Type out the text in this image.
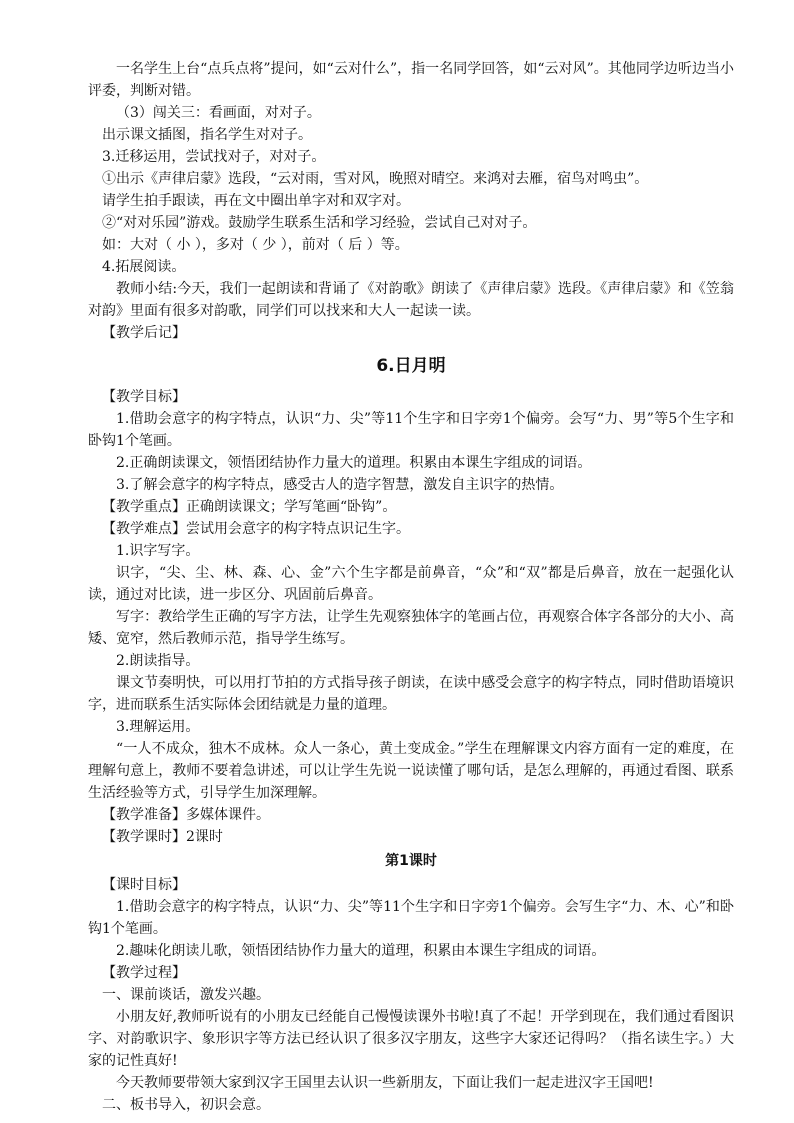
一名学生上台“点兵点将”提问，如“云对什么”，指一名同学回答，如“云对风”。其他同学边听边当小评委，判断对错。

（3）闯关三：看画面，对对子。

出示课文插图，指名学生对对子。

3.迁移运用，尝试找对子，对对子。

①出示《声律启蒙》选段，“云对雨，雪对风，晚照对晴空。来鸿对去雁，宿鸟对鸣虫”。

请学生拍手跟读，再在文中圈出单字对和双字对。

②“对对乐园”游戏。鼓励学生联系生活和学习经验，尝试自己对对子。

如：大对（ 小 ），多对（ 少 ），前对（ 后 ）等。

4.拓展阅读。

教师小结:今天，我们一起朗读和背诵了《对韵歌》朗读了《声律启蒙》选段。《声律启蒙》和《笠翁对韵》里面有很多对韵歌，同学们可以找来和大人一起读一读。

【教学后记】

6.日月明

【教学目标】

1.借助会意字的构字特点，认识“力、尖”等11个生字和日字旁1个偏旁。会写“力、男”等5个生字和卧钩1个笔画。

2.正确朗读课文，领悟团结协作力量大的道理。积累由本课生字组成的词语。

3.了解会意字的构字特点，感受古人的造字智慧，激发自主识字的热情。

【教学重点】正确朗读课文；学写笔画“卧钩”。

【教学难点】尝试用会意字的构字特点识记生字。

1.识字写字。

识字，“尖、尘、林、森、心、金”六个生字都是前鼻音，“众”和“双”都是后鼻音，放在一起强化认读，通过对比读，进一步区分、巩固前后鼻音。

写字：教给学生正确的写字方法，让学生先观察独体字的笔画占位，再观察合体字各部分的大小、高矮、宽窄，然后教师示范，指导学生练写。

2.朗读指导。

课文节奏明快，可以用打节拍的方式指导孩子朗读，在读中感受会意字的构字特点，同时借助语境识字，进而联系生活实际体会团结就是力量的道理。

3.理解运用。

“一人不成众，独木不成林。众人一条心，黄土变成金。”学生在理解课文内容方面有一定的难度，在理解句意上，教师不要着急讲述，可以让学生先说一说读懂了哪句话，是怎么理解的，再通过看图、联系生活经验等方式，引导学生加深理解。

【教学准备】多媒体课件。

【教学课时】2课时

第1课时

【课时目标】

1.借助会意字的构字特点，认识“力、尖”等11个生字和日字旁1个偏旁。会写生字“力、木、心”和卧钩1个笔画。

2.趣味化朗读儿歌，领悟团结协作力量大的道理，积累由本课生字组成的词语。

【教学过程】

一、课前谈话，激发兴趣。

小朋友好,教师听说有的小朋友已经能自己慢慢读课外书啦!真了不起！开学到现在，我们通过看图识字、对韵歌识字、象形识字等方法已经认识了很多汉字朋友，这些字大家还记得吗？（指名读生字。）大家的记性真好!

今天教师要带领大家到汉字王国里去认识一些新朋友，下面让我们一起走进汉字王国吧!

二、板书导入，初识会意。
